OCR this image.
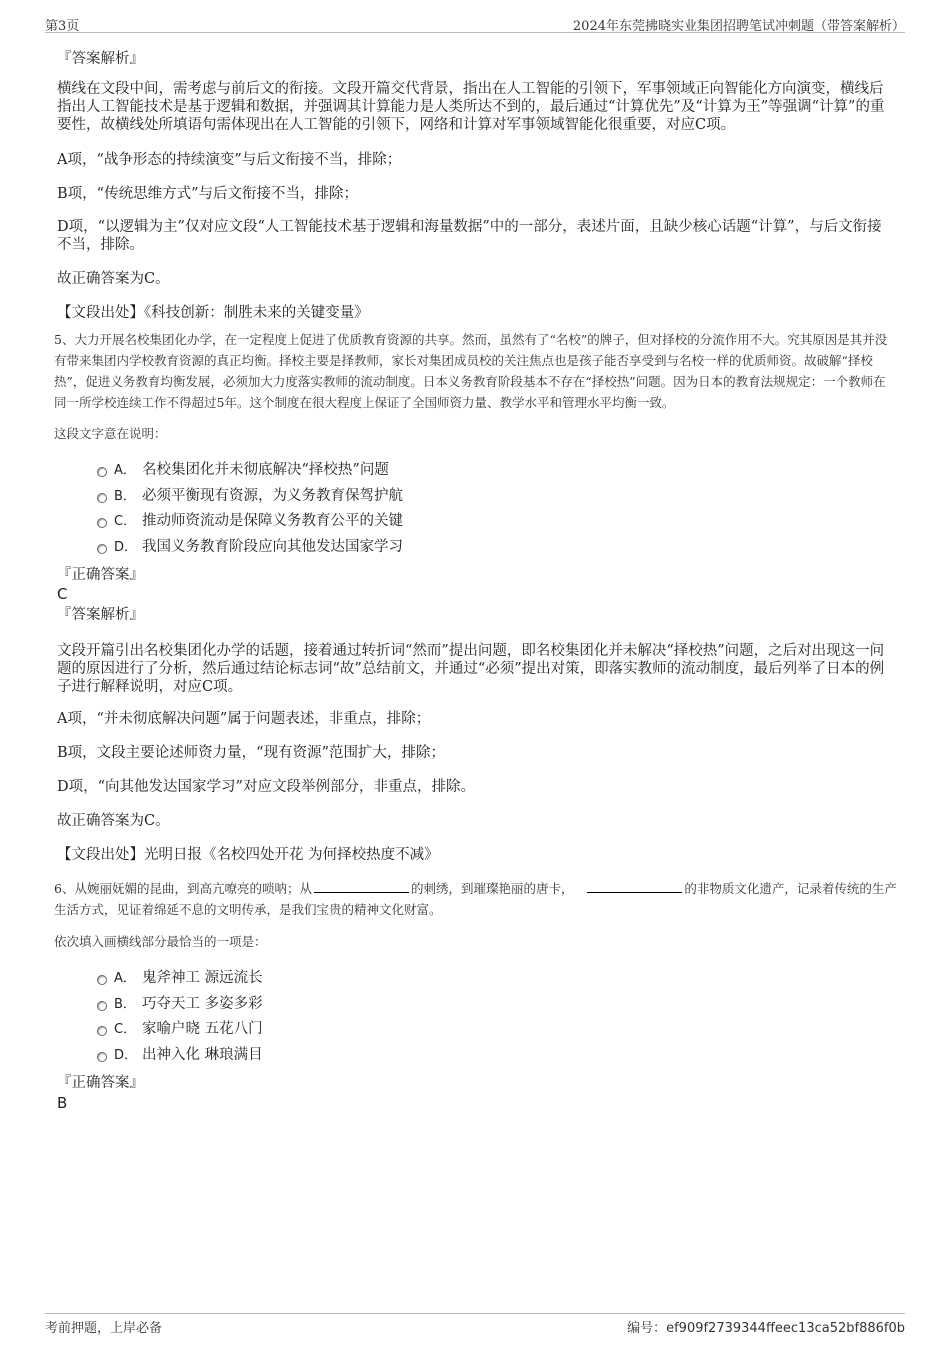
第3页	2024年东莞拂晓实业集团招聘笔试冲刺题（带答案解析）

『答案解析』

横线在文段中间，需考虑与前后文的衔接。文段开篇交代背景，指出在人工智能的引领下，军事领域正向智能化方向演变，横线后指出人工智能技术是基于逻辑和数据，并强调其计算能力是人类所达不到的，最后通过“计算优先”及“计算为王”等强调“计算”的重要性，故横线处所填语句需体现出在人工智能的引领下，网络和计算对军事领域智能化很重要，对应C项。

A项，“战争形态的持续演变”与后文衔接不当，排除；

B项，“传统思维方式”与后文衔接不当，排除；

D项，“以逻辑为主”仅对应文段“人工智能技术基于逻辑和海量数据”中的一部分，表述片面，且缺少核心话题“计算”，与后文衔接不当，排除。

故正确答案为C。

【文段出处】《科技创新：制胜未来的关键变量》

5、大力开展名校集团化办学，在一定程度上促进了优质教育资源的共享。然而，虽然有了“名校”的牌子，但对择校的分流作用不大。究其原因是其并没有带来集团内学校教育资源的真正均衡。择校主要是择教师，家长对集团成员校的关注焦点也是孩子能否享受到与名校一样的优质师资。故破解“择校热”，促进义务教育均衡发展，必须加大力度落实教师的流动制度。日本义务教育阶段基本不存在“择校热”问题。因为日本的教育法规规定：一个教师在同一所学校连续工作不得超过5年。这个制度在很大程度上保证了全国师资力量、教学水平和管理水平均衡一致。

这段文字意在说明：

A． 名校集团化并未彻底解决“择校热”问题
B． 必须平衡现有资源，为义务教育保驾护航
C． 推动师资流动是保障义务教育公平的关键
D． 我国义务教育阶段应向其他发达国家学习

『正确答案』

C

『答案解析』

文段开篇引出名校集团化办学的话题，接着通过转折词“然而”提出问题，即名校集团化并未解决“择校热”问题，之后对出现这一问题的原因进行了分析，然后通过结论标志词“故”总结前文，并通过“必须”提出对策，即落实教师的流动制度，最后列举了日本的例子进行解释说明，对应C项。

A项，“并未彻底解决问题”属于问题表述，非重点，排除；

B项，文段主要论述师资力量，“现有资源”范围扩大，排除；

D项，“向其他发达国家学习”对应文段举例部分，非重点，排除。

故正确答案为C。

【文段出处】光明日报《名校四处开花 为何择校热度不减》

6、从婉丽妩媚的昆曲，到高亢嘹亮的唢呐；从	的刺绣，到璀璨艳丽的唐卡，	的非物质文化遗产，记录着传统的生产生活方式，见证着绵延不息的文明传承，是我们宝贵的精神文化财富。

依次填入画横线部分最恰当的一项是：

A． 鬼斧神工 源远流长
B． 巧夺天工 多姿多彩
C． 家喻户晓 五花八门
D． 出神入化 琳琅满目

『正确答案』

B

考前押题，上岸必备	编号：ef909f2739344ffeec13ca52bf886f0b
